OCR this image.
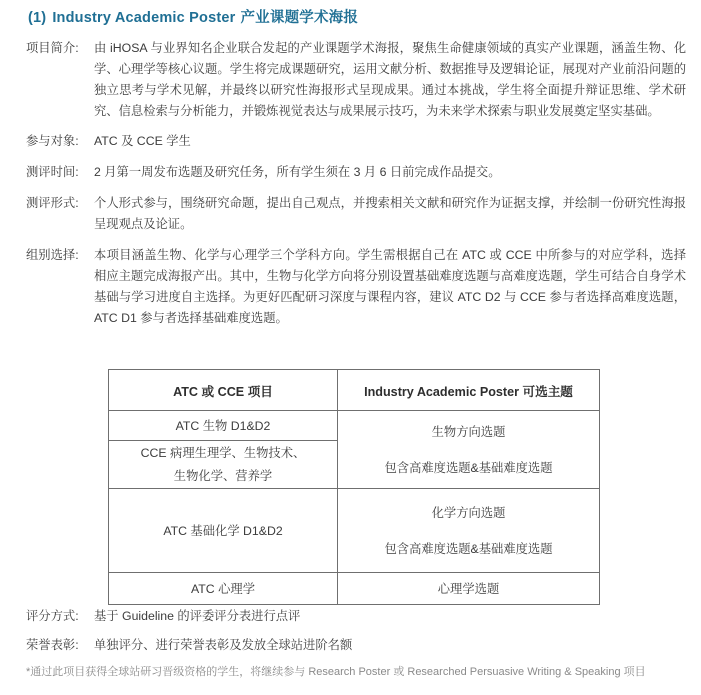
(1) Industry Academic Poster 产业课题学术海报
项目简介:	由 iHOSA 与业界知名企业联合发起的产业课题学术海报，聚焦生命健康领域的真实产业课题，涵盖生物、化学、心理学等核心议题。学生将完成课题研究，运用文献分析、数据推导及逻辑论证，展现对产业前沿问题的独立思考与学术见解，并最终以研究性海报形式呈现成果。通过本挑战，学生将全面提升辩证思维、学术研究、信息检索与分析能力，并锻炼视觉表达与成果展示技巧，为未来学术探索与职业发展奠定坚实基础。
参与对象:	ATC 及 CCE 学生
测评时间:	2 月第一周发布选题及研究任务，所有学生须在 3 月 6 日前完成作品提交。
测评形式:	个人形式参与，围绕研究命题，提出自己观点，并搜索相关文献和研究作为证据支撑，并绘制一份研究性海报呈现观点及论证。
组别选择:	本项目涵盖生物、化学与心理学三个学科方向。学生需根据自己在 ATC 或 CCE 中所参与的对应学科，选择相应主题完成海报产出。其中，生物与化学方向将分别设置基础难度选题与高难度选题，学生可结合自身学术基础与学习进度自主选择。为更好匹配研习深度与课程内容，建议 ATC D2 与 CCE 参与者选择高难度选题，ATC D1 参与者选择基础难度选题。
ATC 或 CCE 项目	Industry Academic Poster 可选主题
ATC 生物 D1&D2	生物方向选题
包含高难度选题&基础难度选题

CCE 病理生理学、生物技术、
生物化学、营养学	

ATC 基础化学 D1&D2	化学方向选题
包含高难度选题&基础难度选题

ATC 心理学	心理学选题
评分方式:	基于 Guideline 的评委评分表进行点评
荣誉表彰:	单独评分、进行荣誉表彰及发放全球站进阶名额
*通过此项目获得全球站研习晋级资格的学生，将继续参与 Research Poster 或 Researched Persuasive Writing & Speaking 项目
